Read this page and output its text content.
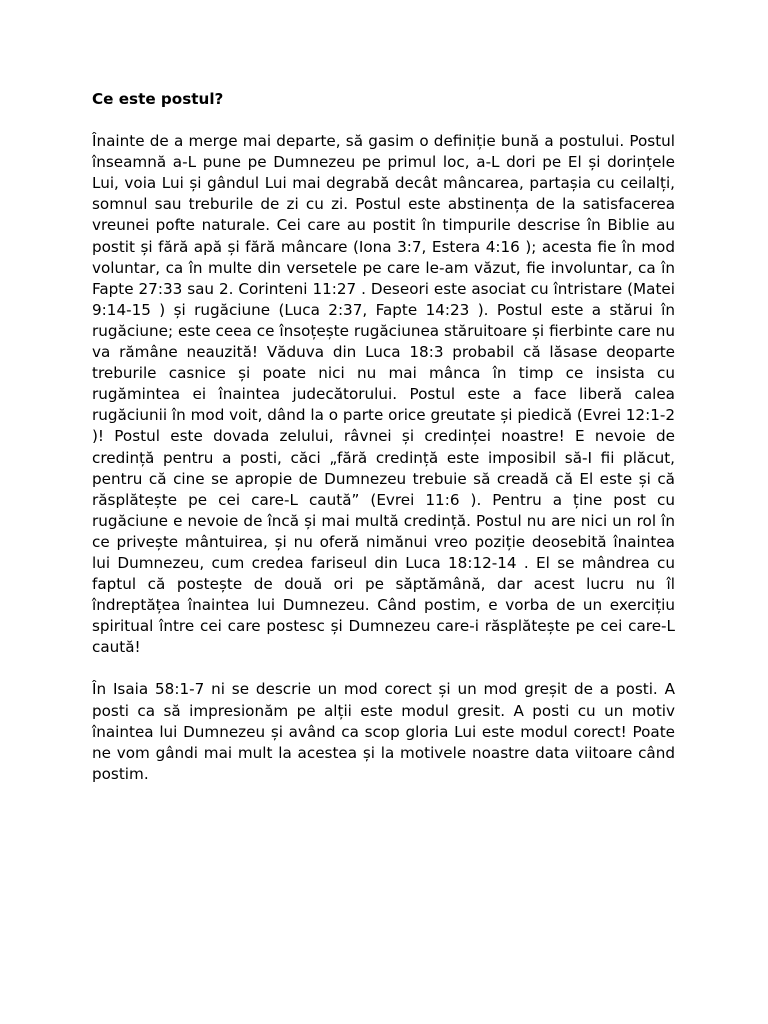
Ce este postul?

Înainte de a merge mai departe, să gasim o definiție bună a postului. Postul înseamnă a-L pune pe Dumnezeu pe primul loc, a-L dori pe El și dorințele Lui, voia Lui și gândul Lui mai degrabă decât mâncarea, partașia cu ceilalți, somnul sau treburile de zi cu zi. Postul este abstinența de la satisfacerea vreunei pofte naturale. Cei care au postit în timpurile descrise în Biblie au postit și fără apă și fără mâncare (Iona 3:7, Estera 4:16 ); acesta fie în mod voluntar, ca în multe din versetele pe care le-am văzut, fie involuntar, ca în Fapte 27:33 sau 2. Corinteni 11:27 . Deseori este asociat cu întristare (Matei 9:14-15 ) și rugăciune (Luca 2:37, Fapte 14:23 ). Postul este a stărui în rugăciune; este ceea ce însoțește rugăciunea stăruitoare și fierbinte care nu va rămâne neauzită! Văduva din Luca 18:3 probabil că lăsase deoparte treburile casnice și poate nici nu mai mânca în timp ce insista cu rugămintea ei înaintea judecătorului. Postul este a face liberă calea rugăciunii în mod voit, dând la o parte orice greutate și piedică (Evrei 12:1-2 )! Postul este dovada zelului, râvnei și credinței noastre! E nevoie de credință pentru a posti, căci „fără credință este imposibil să-I fii plăcut, pentru că cine se apropie de Dumnezeu trebuie să creadă că El este și că răsplătește pe cei care-L caută” (Evrei 11:6 ). Pentru a ține post cu rugăciune e nevoie de încă și mai multă credință. Postul nu are nici un rol în ce privește mântuirea, și nu oferă nimănui vreo poziție deosebită înaintea lui Dumnezeu, cum credea fariseul din Luca 18:12-14 . El se mândrea cu faptul că postește de două ori pe săptămână, dar acest lucru nu îl îndreptățea înaintea lui Dumnezeu. Când postim, e vorba de un exercițiu spiritual între cei care postesc și Dumnezeu care-i răsplătește pe cei care-L caută!

În Isaia 58:1-7 ni se descrie un mod corect și un mod greșit de a posti. A posti ca să impresionăm pe alții este modul gresit. A posti cu un motiv înaintea lui Dumnezeu și având ca scop gloria Lui este modul corect! Poate ne vom gândi mai mult la acestea și la motivele noastre data viitoare când postim.
